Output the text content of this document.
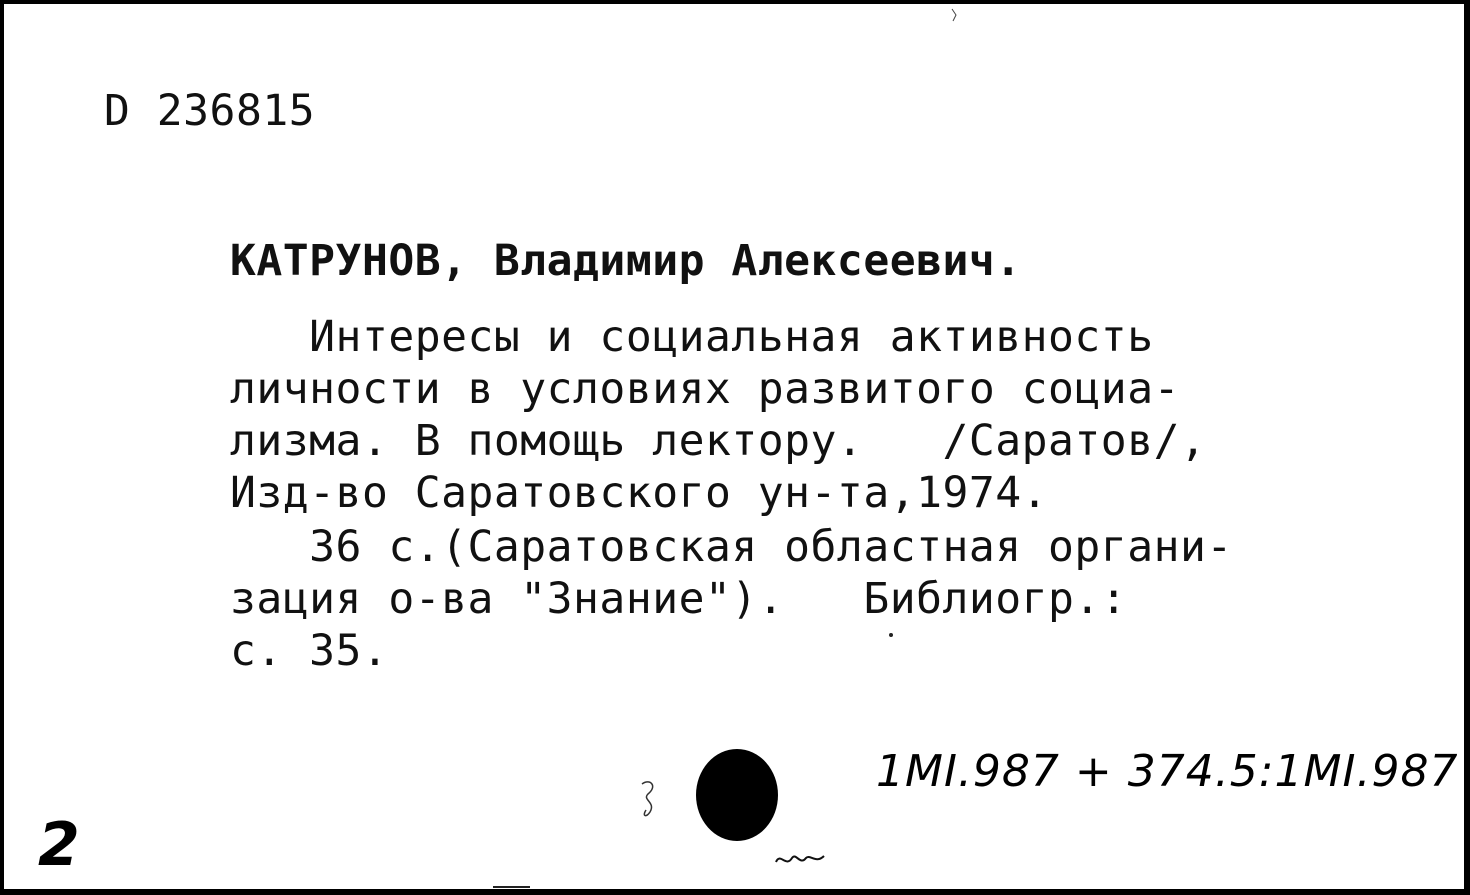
D 236815
КАТРУНОВ, Владимир Алексеевич.
Интересы и социальная активность
личности в условиях развитого социа-
лизма. В помощь лектору.   /Саратов/,
Изд-во Саратовского ун-та,1974.
36 с.(Саратовская областная органи-
зация о-ва "Знание").   Библиогр.:
с. 35.
1МI.987 + 374.5:1МI.987
2
